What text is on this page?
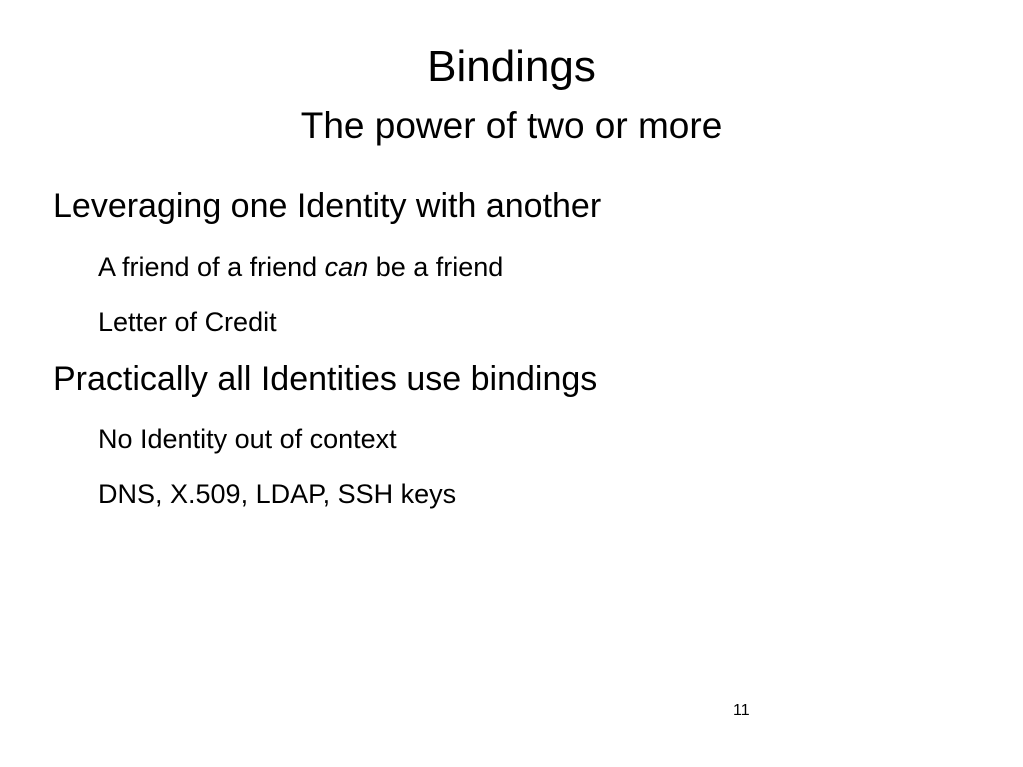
Bindings
The power of two or more
Leveraging one Identity with another
A friend of a friend can be a friend
Letter of Credit
Practically all Identities use bindings
No Identity out of context
DNS, X.509, LDAP, SSH keys
11
